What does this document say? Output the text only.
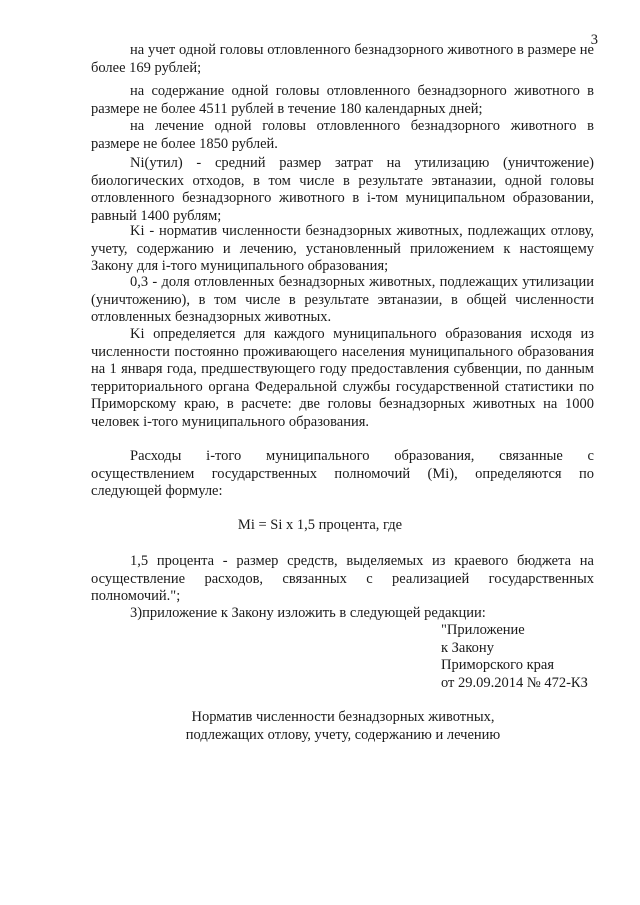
3

на учет одной головы отловленного безнадзорного животного в размере не более 169 рублей;

на содержание одной головы отловленного безнадзорного животного в размере не более 4511 рублей в течение 180 календарных дней;

на лечение одной головы отловленного безнадзорного животного в размере не более 1850 рублей.

Ni(утил) - средний размер затрат на утилизацию (уничтожение) биологических отходов, в том числе в результате эвтаназии, одной головы отловленного безнадзорного животного в i-том муниципальном образовании, равный 1400 рублям;

Ki - норматив численности безнадзорных животных, подлежащих отлову, учету, содержанию и лечению, установленный приложением к настоящему Закону для i-того муниципального образования;

0,3 - доля отловленных безнадзорных животных, подлежащих утилизации (уничтожению), в том числе в результате эвтаназии, в общей численности отловленных безнадзорных животных.

Ki определяется для каждого муниципального образования исходя из численности постоянно проживающего населения муниципального образования на 1 января года, предшествующего году предоставления субвенции, по данным территориального органа Федеральной службы государственной статистики по Приморскому краю, в расчете: две головы безнадзорных животных на 1000 человек i-того муниципального образования.

Расходы i-того муниципального образования, связанные с осуществлением государственных полномочий (Mi), определяются по следующей формуле:

Mi = Si x 1,5 процента, где

1,5 процента - размер средств, выделяемых из краевого бюджета на осуществление расходов, связанных с реализацией государственных полномочий.";

3)приложение к Закону изложить в следующей редакции:

"Приложение
к Закону
Приморского края
от 29.09.2014 № 472-КЗ
Норматив численности безнадзорных животных,
подлежащих отлову, учету, содержанию и лечению
